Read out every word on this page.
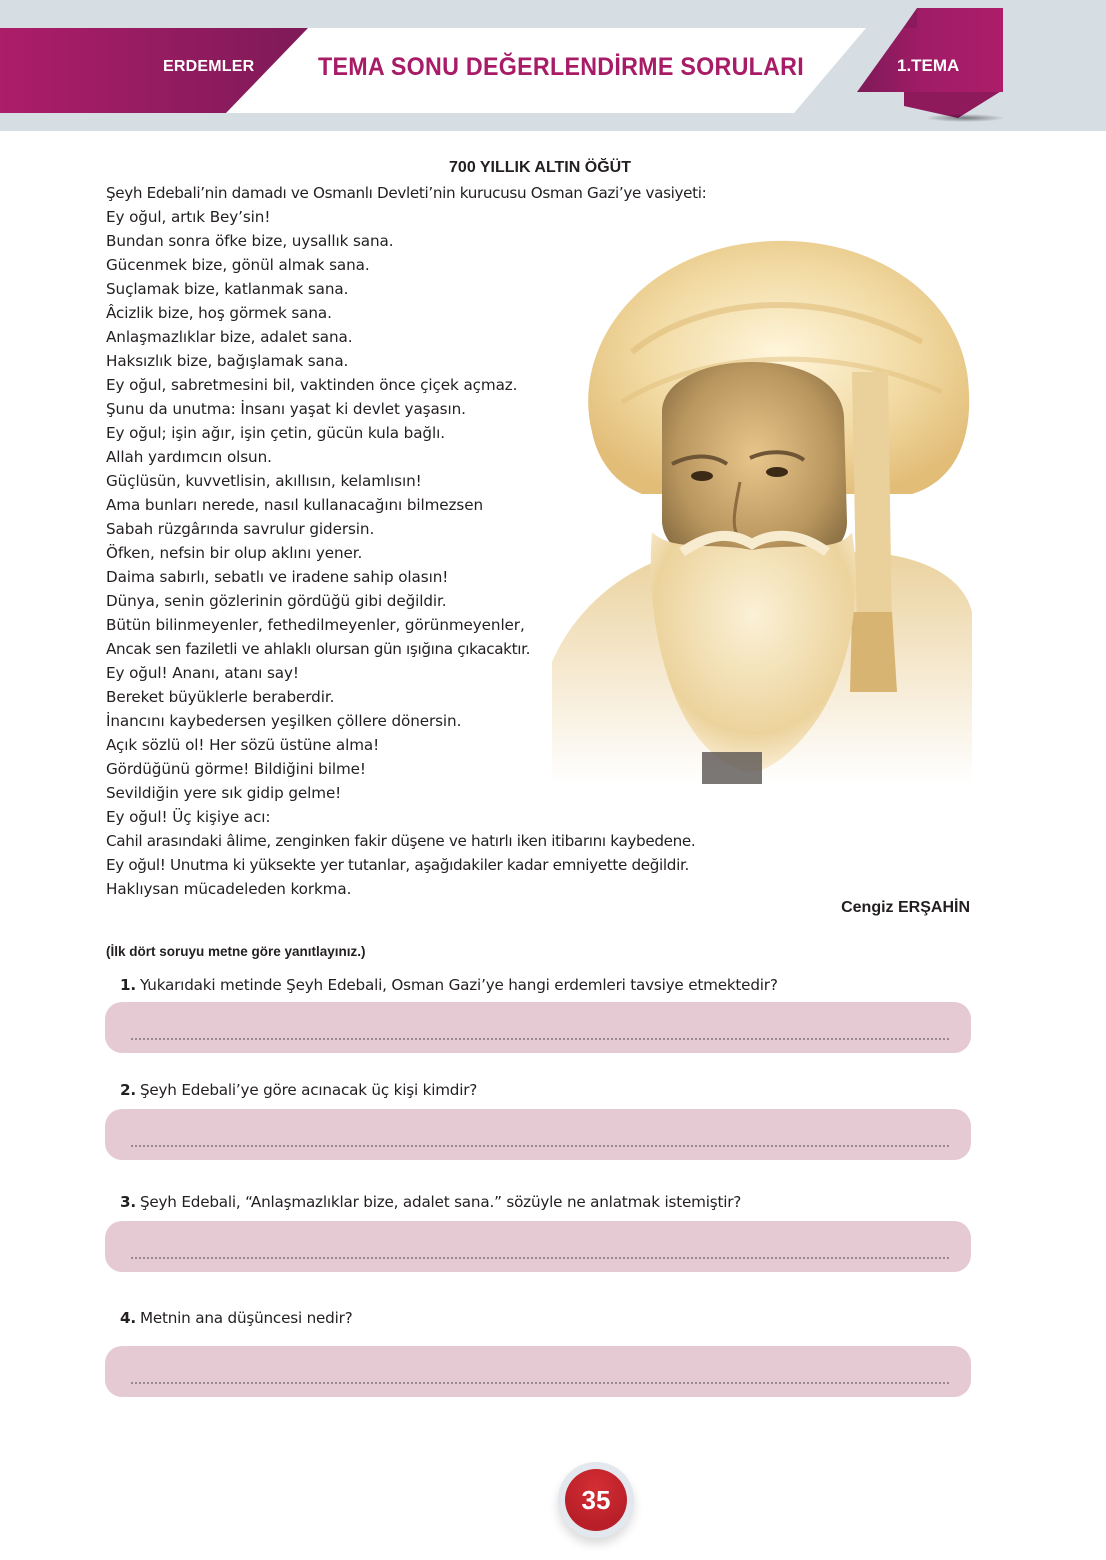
ERDEMLER	TEMA SONU DEĞERLENDİRME SORULARI	1.TEMA
700 YILLIK ALTIN ÖĞÜT
Şeyh Edebali’nin damadı ve Osmanlı Devleti’nin kurucusu Osman Gazi’ye vasiyeti:
Ey oğul, artık Bey’sin!
Bundan sonra öfke bize, uysallık sana.
Gücenmek bize, gönül almak sana.
Suçlamak bize, katlanmak sana.
Âcizlik bize, hoş görmek sana.
Anlaşmazlıklar bize, adalet sana.
Haksızlık bize, bağışlamak sana.
Ey oğul, sabretmesini bil, vaktinden önce çiçek açmaz.
Şunu da unutma: İnsanı yaşat ki devlet yaşasın.
Ey oğul; işin ağır, işin çetin, gücün kula bağlı.
Allah yardımcın olsun.
Güçlüsün, kuvvetlisin, akıllısın, kelamlısın!
Ama bunları nerede, nasıl kullanacağını bilmezsen
Sabah rüzgârında savrulur gidersin.
Öfken, nefsin bir olup aklını yener.
Daima sabırlı, sebatlı ve iradene sahip olasın!
Dünya, senin gözlerinin gördüğü gibi değildir.
Bütün bilinmeyenler, fethedilmeyenler, görünmeyenler,
Ancak sen faziletli ve ahlaklı olursan gün ışığına çıkacaktır.
Ey oğul! Ananı, atanı say!
Bereket büyüklerle beraberdir.
İnancını kaybedersen yeşilken çöllere dönersin.
Açık sözlü ol! Her sözü üstüne alma!
Gördüğünü görme! Bildiğini bilme!
Sevildiğin yere sık gidip gelme!
Ey oğul! Üç kişiye acı:
Cahil arasındaki âlime, zenginken fakir düşene ve hatırlı iken itibarını kaybedene.
Ey oğul! Unutma ki yüksekte yer tutanlar, aşağıdakiler kadar emniyette değildir.
Haklıysan mücadeleden korkma.
Cengiz ERŞAHİN
(İlk dört soruyu metne göre yanıtlayınız.)
1. Yukarıdaki metinde Şeyh Edebali, Osman Gazi’ye hangi erdemleri tavsiye etmektedir?
2. Şeyh Edebali’ye göre acınacak üç kişi kimdir?
3. Şeyh Edebali, “Anlaşmazlıklar bize, adalet sana.” sözüyle ne anlatmak istemiştir?
4. Metnin ana düşüncesi nedir?
35
